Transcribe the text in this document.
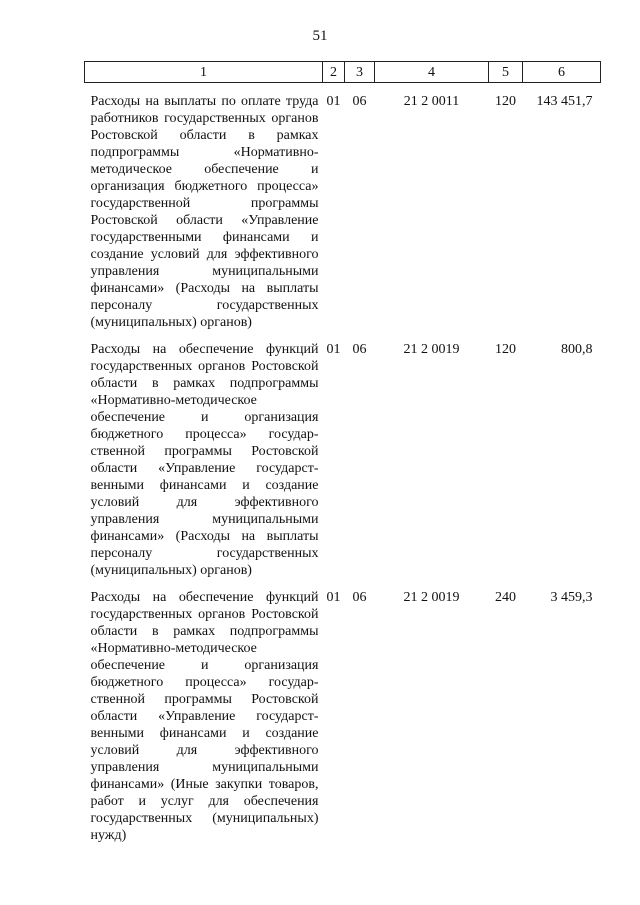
51
1	2	3	4	5	6

Расходы на выплаты по оплате труда работников государственных органов Ростовской области в рамках подпрограммы «Нормативно-методическое обеспечение и организация бюджетного процесса» государственной программы Ростовской области «Управление государственными финансами и создание условий для эффективного управления муниципальными финансами» (Расходы на выплаты персоналу государственных (муниципальных) органов)	01	06	21 2 0011	120	143 451,7

Расходы на обеспечение функций государственных органов Ростовской области в рамках подпрограммы «Нормативно-методическое обеспечение и организация бюджетного процесса» государственной программы Ростовской области «Управление государственными финансами и создание условий для эффективного управления муниципальными финансами» (Расходы на выплаты персоналу государственных (муниципальных) органов)	01	06	21 2 0019	120	800,8

Расходы на обеспечение функций государственных органов Ростовской области в рамках подпрограммы «Нормативно-методическое обеспечение и организация бюджетного процесса» государственной программы Ростовской области «Управление государственными финансами и создание условий для эффективного управления муниципальными финансами» (Иные закупки товаров, работ и услуг для обеспечения государственных (муниципальных) нужд)	01	06	21 2 0019	240	3 459,3
